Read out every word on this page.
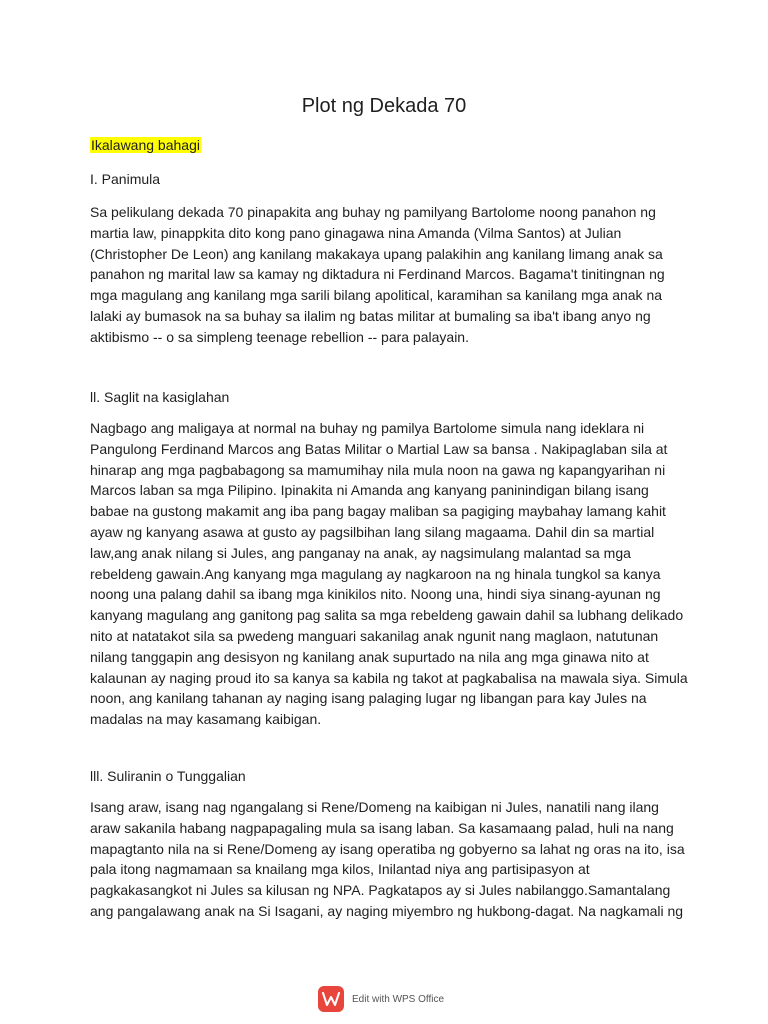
Plot ng Dekada 70
Ikalawang bahagi
I. Panimula

Sa pelikulang dekada 70 pinapakita ang buhay ng pamilyang Bartolome noong panahon ng
martia law, pinappkita dito kong pano ginagawa nina Amanda (Vilma Santos) at Julian
(Christopher De Leon) ang kanilang makakaya upang palakihin ang kanilang limang anak sa
panahon ng marital law sa kamay ng diktadura ni Ferdinand Marcos. Bagama't tinitingnan ng
mga magulang ang kanilang mga sarili bilang apolitical, karamihan sa kanilang mga anak na
lalaki ay bumasok na sa buhay sa ilalim ng batas militar at bumaling sa iba't ibang anyo ng
aktibismo -- o sa simpleng teenage rebellion -- para palayain.

ll. Saglit na kasiglahan

Nagbago ang maligaya at normal na buhay ng pamilya Bartolome simula nang ideklara ni
Pangulong Ferdinand Marcos ang Batas Militar o Martial Law sa bansa . Nakipaglaban sila at
hinarap ang mga pagbabagong sa mamumihay nila mula noon na gawa ng kapangyarihan ni
Marcos laban sa mga Pilipino. Ipinakita ni Amanda ang kanyang paninindigan bilang isang
babae na gustong makamit ang iba pang bagay maliban sa pagiging maybahay lamang kahit
ayaw ng kanyang asawa at gusto ay pagsilbihan lang silang magaama. Dahil din sa martial
law,ang anak nilang si Jules, ang panganay na anak, ay nagsimulang malantad sa mga
rebeldeng gawain.Ang kanyang mga magulang ay nagkaroon na ng hinala tungkol sa kanya
noong una palang dahil sa ibang mga kinikilos nito. Noong una, hindi siya sinang-ayunan ng
kanyang magulang ang ganitong pag salita sa mga rebeldeng gawain dahil sa lubhang delikado
nito at natatakot sila sa pwedeng manguari sakanilag anak ngunit nang maglaon, natutunan
nilang tanggapin ang desisyon ng kanilang anak supurtado na nila ang mga ginawa nito at
kalaunan ay naging proud ito sa kanya sa kabila ng takot at pagkabalisa na mawala siya. Simula
noon, ang kanilang tahanan ay naging isang palaging lugar ng libangan para kay Jules na
madalas na may kasamang kaibigan.

lll. Suliranin o Tunggalian

Isang araw, isang nag ngangalang si Rene/Domeng na kaibigan ni Jules, nanatili nang ilang
araw sakanila habang nagpapagaling mula sa isang laban. Sa kasamaang palad, huli na nang
mapagtanto nila na si Rene/Domeng ay isang operatiba ng gobyerno sa lahat ng oras na ito, isa
pala itong nagmamaan sa knailang mga kilos, Inilantad niya ang partisipasyon at
pagkakasangkot ni Jules sa kilusan ng NPA. Pagkatapos ay si Jules nabilanggo.Samantalang
ang pangalawang anak na Si Isagani, ay naging miyembro ng hukbong-dagat. Na nagkamali ng

Edit with WPS Office
